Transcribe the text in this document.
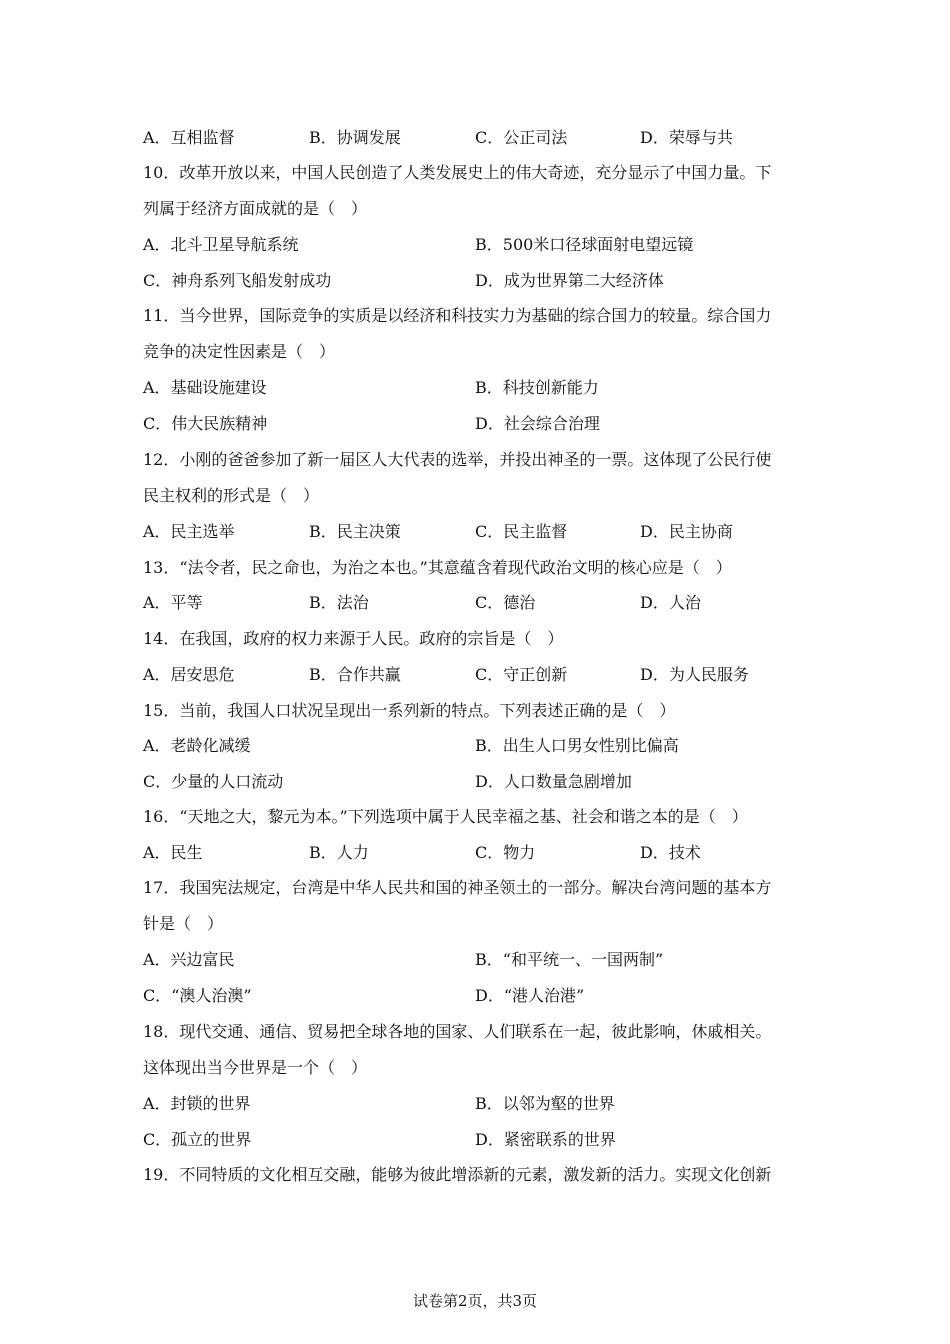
A．互相监督	B．协调发展	C．公正司法	D．荣辱与共
10．改革开放以来，中国人民创造了人类发展史上的伟大奇迹，充分显示了中国力量。下
列属于经济方面成就的是（　）
A．北斗卫星导航系统	B．500米口径球面射电望远镜
C．神舟系列飞船发射成功	D．成为世界第二大经济体
11．当今世界，国际竞争的实质是以经济和科技实力为基础的综合国力的较量。综合国力
竞争的决定性因素是（　）
A．基础设施建设	B．科技创新能力
C．伟大民族精神	D．社会综合治理
12．小刚的爸爸参加了新一届区人大代表的选举，并投出神圣的一票。这体现了公民行使
民主权利的形式是（　）
A．民主选举	B．民主决策	C．民主监督	D．民主协商
13．“法令者，民之命也，为治之本也。”其意蕴含着现代政治文明的核心应是（　）
A．平等	B．法治	C．德治	D．人治
14．在我国，政府的权力来源于人民。政府的宗旨是（　）
A．居安思危	B．合作共赢	C．守正创新	D．为人民服务
15．当前，我国人口状况呈现出一系列新的特点。下列表述正确的是（　）
A．老龄化减缓	B．出生人口男女性别比偏高
C．少量的人口流动	D．人口数量急剧增加
16．“天地之大，黎元为本。”下列选项中属于人民幸福之基、社会和谐之本的是（　）
A．民生	B．人力	C．物力	D．技术
17．我国宪法规定，台湾是中华人民共和国的神圣领土的一部分。解决台湾问题的基本方
针是（　）
A．兴边富民	B．“和平统一、一国两制”
C．“澳人治澳”	D．“港人治港”
18．现代交通、通信、贸易把全球各地的国家、人们联系在一起，彼此影响，休戚相关。
这体现出当今世界是一个（　）
A．封锁的世界	B．以邻为壑的世界
C．孤立的世界	D．紧密联系的世界
19．不同特质的文化相互交融，能够为彼此增添新的元素，激发新的活力。实现文化创新
试卷第2页，共3页
